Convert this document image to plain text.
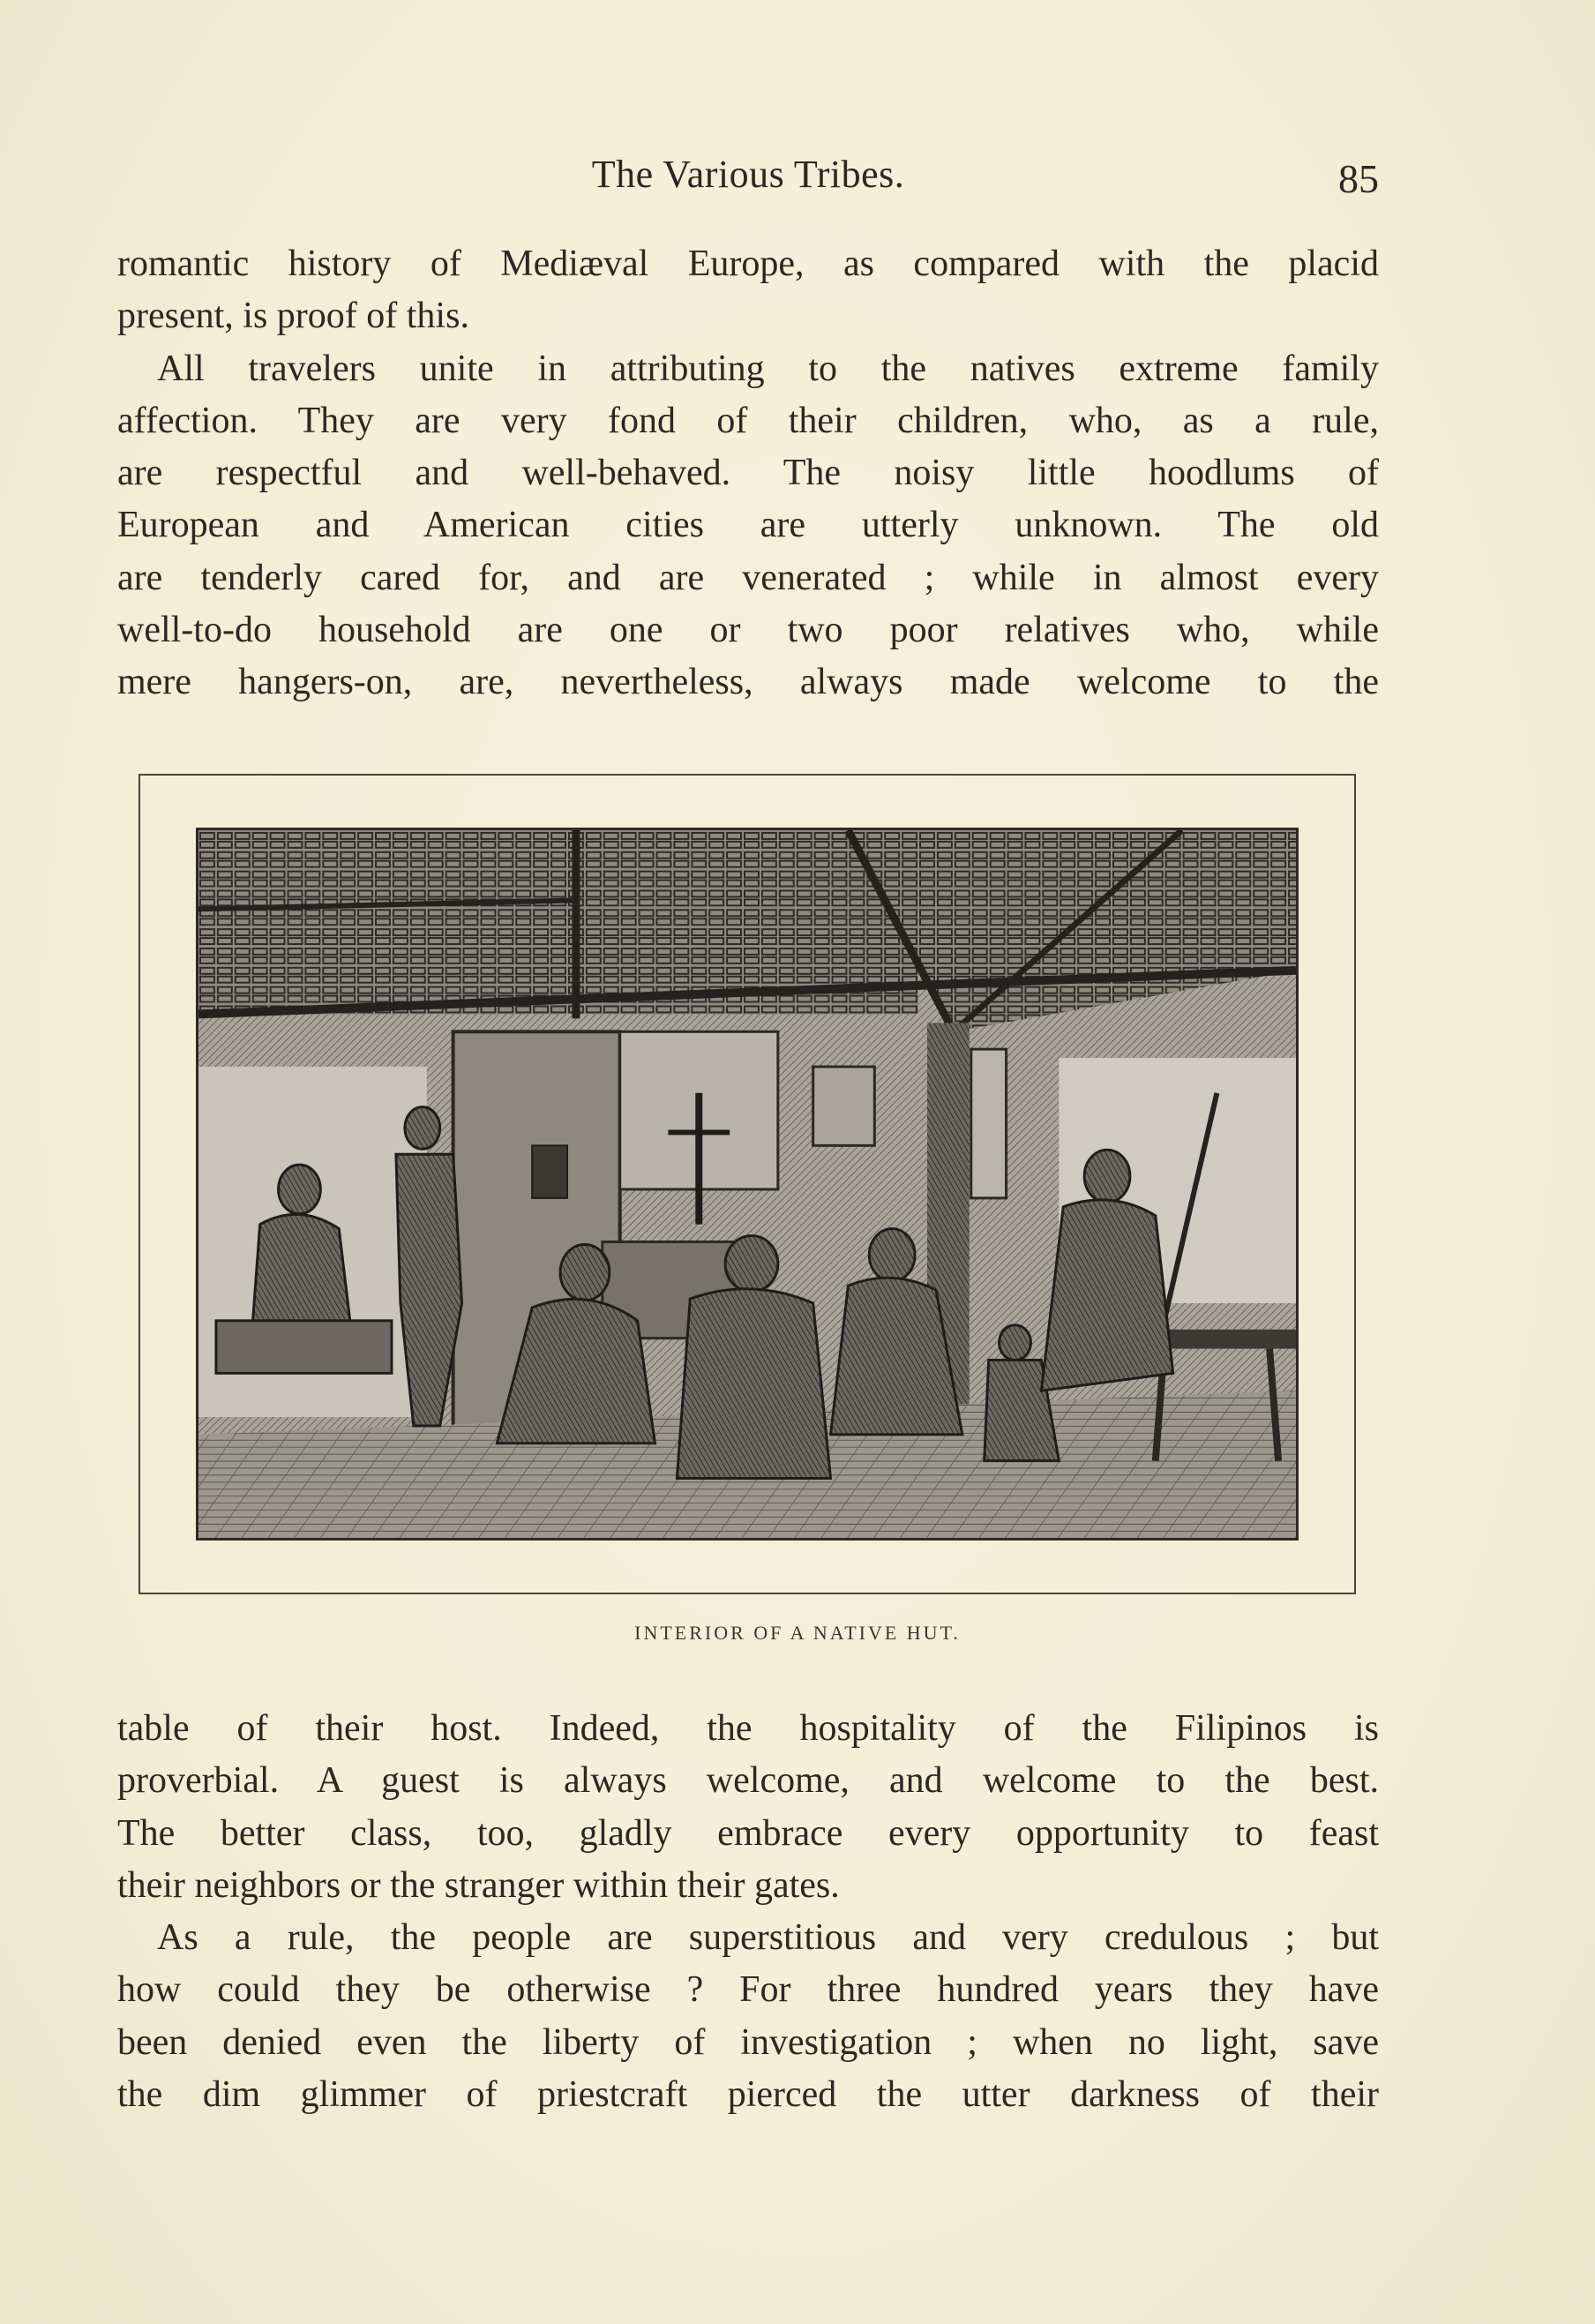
The Various Tribes.	85

romantic history of Mediæval Europe, as compared with the placid
present, is proof of this.

All travelers unite in attributing to the natives extreme family
affection. They are very fond of their children, who, as a rule,
are respectful and well-behaved. The noisy little hoodlums of
European and American cities are utterly unknown. The old
are tenderly cared for, and are venerated ; while in almost every
well-to-do household are one or two poor relatives who, while
mere hangers-on, are, nevertheless, always made welcome to the

INTERIOR OF A NATIVE HUT.

table of their host. Indeed, the hospitality of the Filipinos is
proverbial. A guest is always welcome, and welcome to the best.
The better class, too, gladly embrace every opportunity to feast
their neighbors or the stranger within their gates.

As a rule, the people are superstitious and very credulous ; but
how could they be otherwise ? For three hundred years they have
been denied even the liberty of investigation ; when no light, save
the dim glimmer of priestcraft pierced the utter darkness of their
